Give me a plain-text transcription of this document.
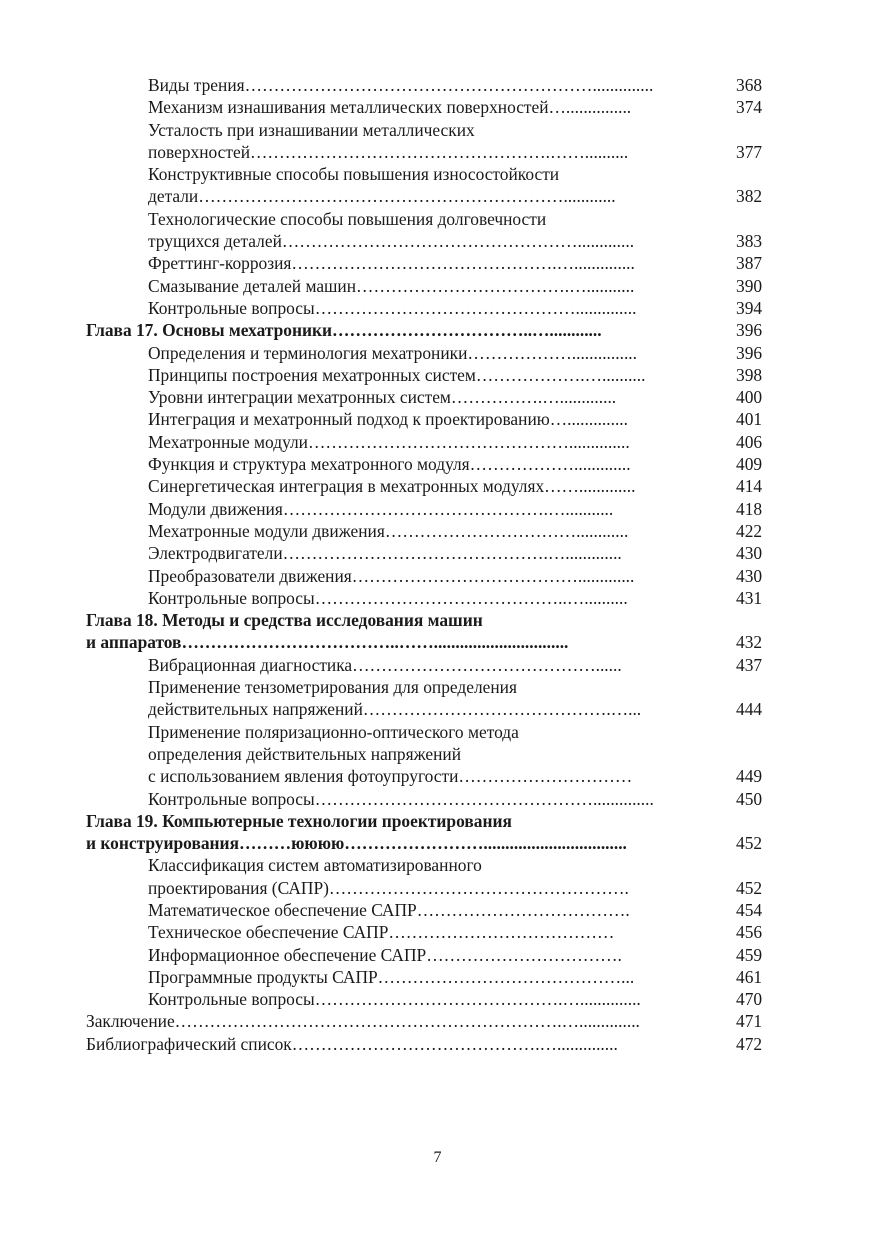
Виды трения……………………………………………………..............	368
Механизм изнашивания металлических поверхностей…...............	374
Усталость при изнашивании металлических
поверхностей…………………………………………….……..........	377
Конструктивные способы повышения износостойкости
детали………………………………………………………............	382
Технологические способы повышения долговечности
трущихся деталей…………………………………………….............	383
Фреттинг-коррозия……………………………………….…..............	387
Смазывание деталей машин……………………………….…...........	390
Контрольные вопросы………………………………………..............	394
Глава 17. Основы мехатроники……………………………..…............	396
Определения и терминология мехатроники………………...............	396
Принципы построения мехатронных систем……………….…..........	398
Уровни интеграции мехатронных систем…………….….............	400
Интеграция и мехатронный подход к проектированию…..............	401
Мехатронные модули………………………………………..............	406
Функция и структура мехатронного модуля……………….............	409
Синергетическая интеграция в мехатронных модулях…….............	414
Модули движения……………………………………….…...........	418
Мехатронные модули движения……………………………............	422
Электродвигатели……………………………………….….............	430
Преобразователи движения………………………………….............	430
Контрольные вопросы……………………………………..…..........	431
Глава 18. Методы и средства исследования машин
и аппаратов………………………………..……...............................	432
Вибрационная диагностика……………………………………......	437
Применение тензометрирования для определения
действительных напряжений…………………………………….…...	444
Применение поляризационно-оптического метода
определения действительных напряжений
с использованием явления фотоупругости…………………………	449
Контрольные вопросы…………………………………………..............	450
Глава 19. Компьютерные технологии проектирования
и конструирования………юююю…………………….................................	452
Классификация систем автоматизированного
проектирования (САПР)…………………………………………….	452
Математическое обеспечение САПР……………………………….	454
Техническое обеспечение САПР…………………………………	456
Информационное обеспечение САПР…………………………….	459
Программные продукты САПР……………………………………...	461
Контрольные вопросы…………………………………….…..............	470
Заключение………………………………………………………….…..............	471
Библиографический список…………………………………….…..............	472
7
